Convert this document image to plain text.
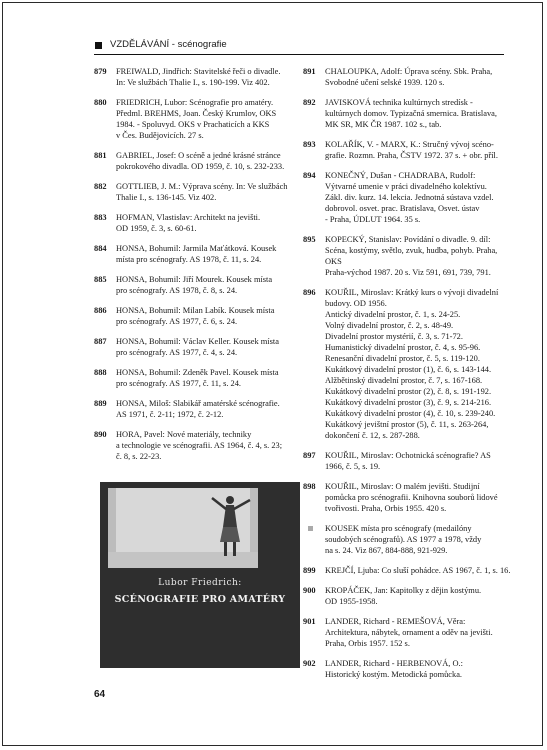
VZDĚLÁVÁNÍ - scénografie
879	FREIWALD, Jindřich: Stavitelské řeči o divadle.
In: Ve službách Thalie I., s. 190-199. Viz 402.
880	FRIEDRICH, Lubor: Scénografie pro amatéry.
Předml. BREHMS, Joan. Český Krumlov, OKS
1984. - Spoluvyd. OKS v Prachaticích a KKS
v Čes. Budějovicích. 27 s.
881	GABRIEL, Josef: O scéně a jedné krásné stránce
pokrokového divadla. OD 1959, č. 10, s. 232-233.
882	GOTTLIEB, J. M.: Výprava scény. In: Ve službách
Thalie I., s. 136-145. Viz 402.
883	HOFMAN, Vlastislav: Architekt na jevišti.
OD 1959, č. 3, s. 60-61.
884	HONSA, Bohumil: Jarmila Maťátková. Kousek
místa pro scénografy. AS 1978, č. 11, s. 24.
885	HONSA, Bohumil: Jiří Mourek. Kousek místa
pro scénografy. AS 1978, č. 8, s. 24.
886	HONSA, Bohumil: Milan Labík. Kousek místa
pro scénografy. AS 1977, č. 6, s. 24.
887	HONSA, Bohumil: Václav Keller. Kousek místa
pro scénografy. AS 1977, č. 4, s. 24.
888	HONSA, Bohumil: Zdeněk Pavel. Kousek místa
pro scénografy. AS 1977, č. 11, s. 24.
889	HONSA, Miloš: Slabikář amatérské scénografie.
AS 1971, č. 2-11; 1972, č. 2-12.
890	HORA, Pavel: Nové materiály, techniky
a technologie ve scénografii. AS 1964, č. 4, s. 23;
č. 8, s. 22-23.
Lubor Friedrich:
SCÉNOGRAFIE PRO AMATÉRY
891	CHALOUPKA, Adolf: Úprava scény. Sbk. Praha,
Svobodné učení selské 1939. 120 s.
892	JAVISKOVÁ technika kultúrnych stredísk -
kultúrnych domov. Typizačná smernica. Bratislava,
MK SR, MK ČR 1987. 102 s., tab.
893	KOLAŘÍK, V. - MARX, K.: Stručný vývoj scéno-
grafie. Rozmn. Praha, ČSTV 1972. 37 s. + obr. příl.
894	KONEČNÝ, Dušan - CHADRABA, Rudolf:
Výtvarné umenie v práci divadelného kolektívu.
Zákl. div. kurz. 14. lekcia. Jednotná sústava vzdel.
dobrovol. osvet. prac. Bratislava, Osvet. ústav
- Praha, ÚDLUT 1964. 35 s.
895	KOPECKÝ, Stanislav: Povídání o divadle. 9. díl:
Scéna, kostýmy, světlo, zvuk, hudba, pohyb. Praha, OKS
Praha-východ 1987. 20 s. Viz 591, 691, 739, 791.
896	KOUŘIL, Miroslav: Krátký kurs o vývoji divadelní
budovy. OD 1956.
Antický divadelní prostor, č. 1, s. 24-25.
Volný divadelní prostor, č. 2, s. 48-49.
Divadelní prostor mystérií, č. 3, s. 71-72.
Humanistický divadelní prostor, č. 4, s. 95-96.
Renesanční divadelní prostor, č. 5, s. 119-120.
Kukátkový divadelní prostor (1), č. 6, s. 143-144.
Alžbětinský divadelní prostor, č. 7, s. 167-168.
Kukátkový divadelní prostor (2), č. 8, s. 191-192.
Kukátkový divadelní prostor (3), č. 9, s. 214-216.
Kukátkový divadelní prostor (4), č. 10, s. 239-240.
Kukátkový jevištní prostor (5), č. 11, s. 263-264,
dokončení č. 12, s. 287-288.
897	KOUŘIL, Miroslav: Ochotnická scénografie? AS
1966, č. 5, s. 19.
898	KOUŘIL, Miroslav: O malém jevišti. Studijní
pomůcka pro scénografii. Knihovna souborů lidové
tvořivosti. Praha, Orbis 1955. 420 s.
KOUSEK místa pro scénografy (medailóny
soudobých scénografů). AS 1977 a 1978, vždy
na s. 24. Viz 867, 884-888, 921-929.
899	KREJČÍ, Ljuba: Co sluší pohádce. AS 1967, č. 1, s. 16.
900	KROPÁČEK, Jan: Kapitolky z dějin kostýmu.
OD 1955-1958.
901	LANDER, Richard - REMEŠOVÁ, Věra:
Architektura, nábytek, ornament a oděv na jevišti.
Praha, Orbis 1957. 152 s.
902	LANDER, Richard - HERBENOVÁ, O.:
Historický kostým. Metodická pomůcka.
64
